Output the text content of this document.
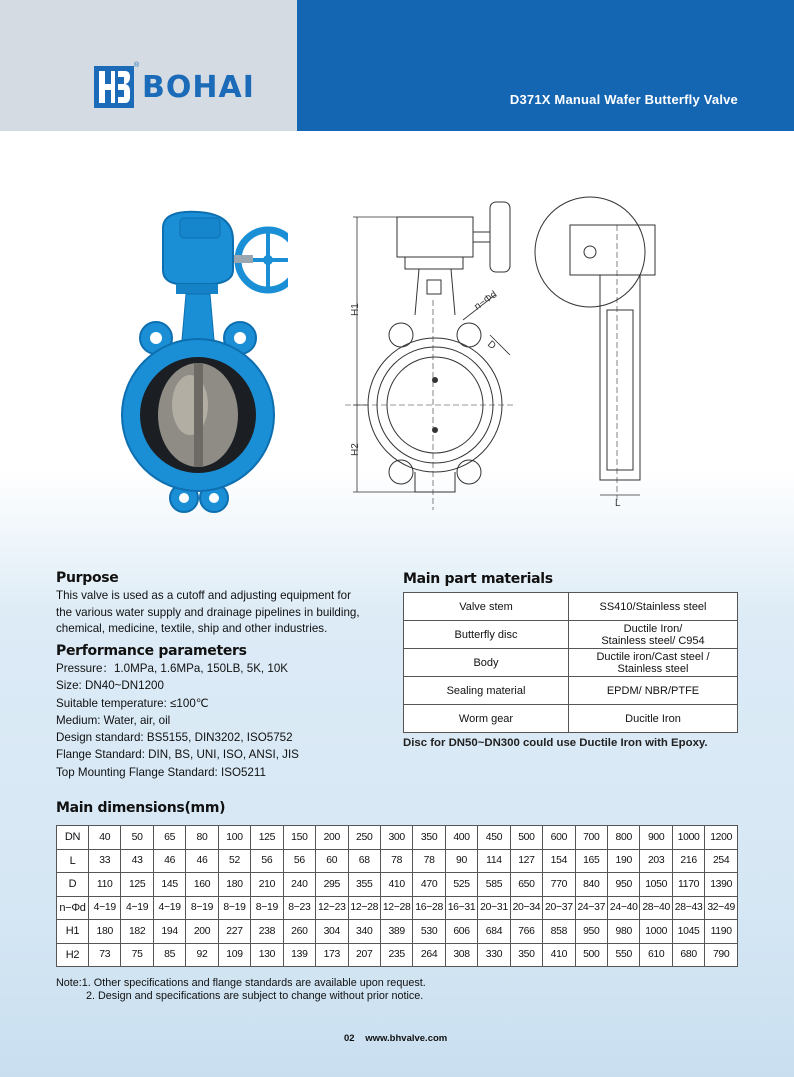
D371X Manual Wafer Butterfly Valve
®
BOHAI
H1
H2
n−Φd
D
L
Purpose
This valve is used as a cutoff and adjusting equipment for
the various water supply and drainage pipelines in building,
chemical, medicine, textile, ship and other industries.
Performance parameters
Pressure：1.0MPa, 1.6MPa, 150LB, 5K, 10K
Size: DN40~DN1200
Suitable temperature: ≤100℃
Medium: Water, air, oil
Design standard: BS5155, DIN3202, ISO5752
Flange Standard: DIN, BS, UNI, ISO, ANSI, JIS
Top Mounting Flange Standard: ISO5211
Main part materials
Valve stem	SS410/Stainless steel

Butterfly disc	Ductile Iron/
Stainless steel/ C954

Body	Ductile iron/Cast steel /
Stainless steel

Sealing material	EPDM/ NBR/PTFE

Worm gear	Ducitle Iron
Disc for DN50~DN300 could use Ductile Iron with Epoxy.
Main dimensions(mm)
DN	40	50	65	80	100	125	150	200	250	300	350	400	450	500	600	700	800	900	1000	1200
L	33	43	46	46	52	56	56	60	68	78	78	90	114	127	154	165	190	203	216	254
D	110	125	145	160	180	210	240	295	355	410	470	525	585	650	770	840	950	1050	1170	1390
n−Φd	4−19	4−19	4−19	8−19	8−19	8−19	8−23	12−23	12−28	12−28	16−28	16−31	20−31	20−34	20−37	24−37	24−40	28−40	28−43	32−49
H1	180	182	194	200	227	238	260	304	340	389	530	606	684	766	858	950	980	1000	1045	1190
H2	73	75	85	92	109	130	139	173	207	235	264	308	330	350	410	500	550	610	680	790
Note:1. Other specifications and flange standards are available upon request.
2. Design and specifications are subject to change without prior notice.
02 www.bhvalve.com
